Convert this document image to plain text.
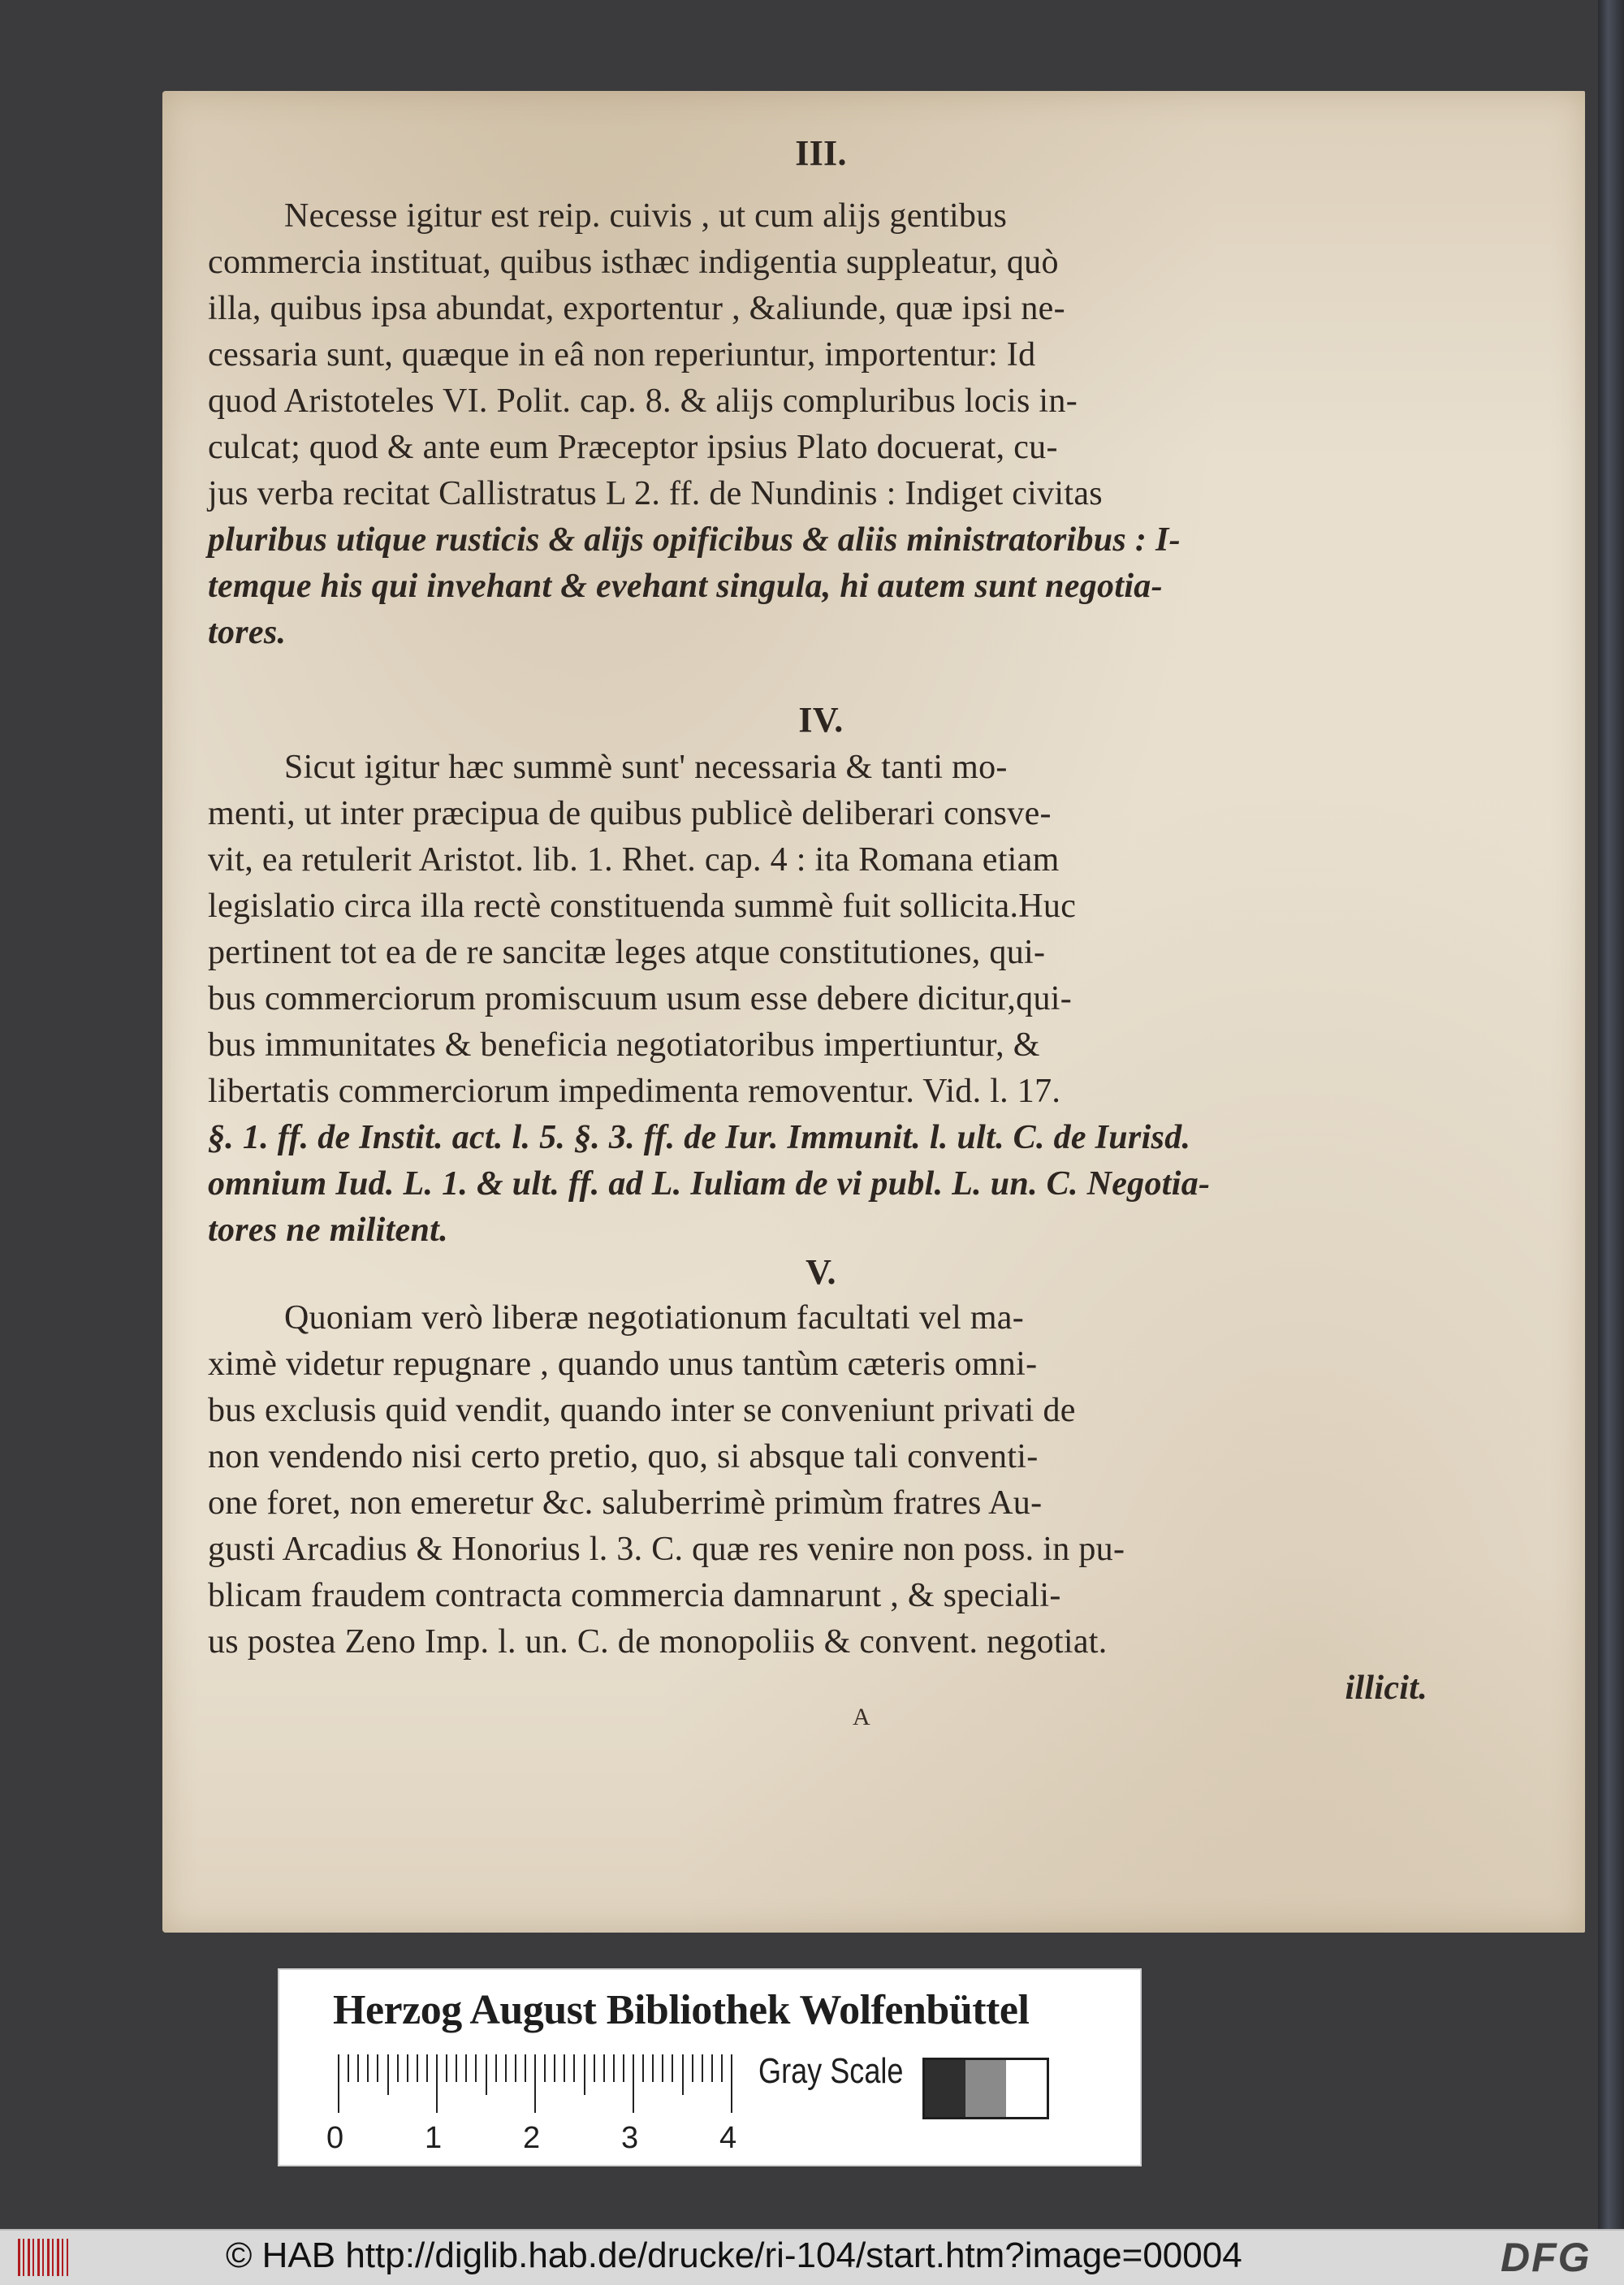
III.

Necesse igitur est reip. cuivis , ut cum alijs gentibus

commercia instituat, quibus isthæc indigentia suppleatur, quò

illa, quibus ipsa abundat, exportentur , &aliunde, quæ ipsi ne-

cessaria sunt, quæque in eâ non reperiuntur, importentur: Id

quod Aristoteles VI. Polit. cap. 8. & alijs compluribus locis in-

culcat; quod & ante eum Præceptor ipsius Plato docuerat, cu-

jus verba recitat Callistratus L 2. ff. de Nundinis : Indiget civitas

pluribus utique rusticis & alijs opificibus & aliis ministratoribus : I-

temque his qui invehant & evehant singula, hi autem sunt negotia-

tores.

IV.

Sicut igitur hæc summè sunt' necessaria & tanti mo-

menti, ut inter præcipua de quibus publicè deliberari consve-

vit, ea retulerit Aristot. lib. 1. Rhet. cap. 4 : ita Romana etiam

legislatio circa illa rectè constituenda summè fuit sollicita.Huc

pertinent tot ea de re sancitæ leges atque constitutiones, qui-

bus commerciorum promiscuum usum esse debere dicitur,qui-

bus immunitates & beneficia negotiatoribus impertiuntur, &

libertatis commerciorum impedimenta removentur. Vid. l. 17.

§. 1. ff. de Instit. act. l. 5. §. 3. ff. de Iur. Immunit. l. ult. C. de Iurisd.

omnium Iud. L. 1. & ult. ff. ad L. Iuliam de vi publ. L. un. C. Negotia-

tores ne militent.

V.

Quoniam verò liberæ negotiationum facultati vel ma-

ximè videtur repugnare , quando unus tantùm cæteris omni-

bus exclusis quid vendit, quando inter se conveniunt privati de

non vendendo nisi certo pretio, quo, si absque tali conventi-

one foret, non emeretur &c. saluberrimè primùm fratres Au-

gusti Arcadius & Honorius l. 3. C. quæ res venire non poss. in pu-

blicam fraudem contracta commercia damnarunt , & speciali-

us postea Zeno Imp. l. un. C. de monopoliis & convent. negotiat.

illicit.

A
Herzog August Bibliothek Wolfenbüttel
0	1	2	3	4
Gray Scale
© HAB http://diglib.hab.de/drucke/ri-104/start.htm?image=00004	DFG
